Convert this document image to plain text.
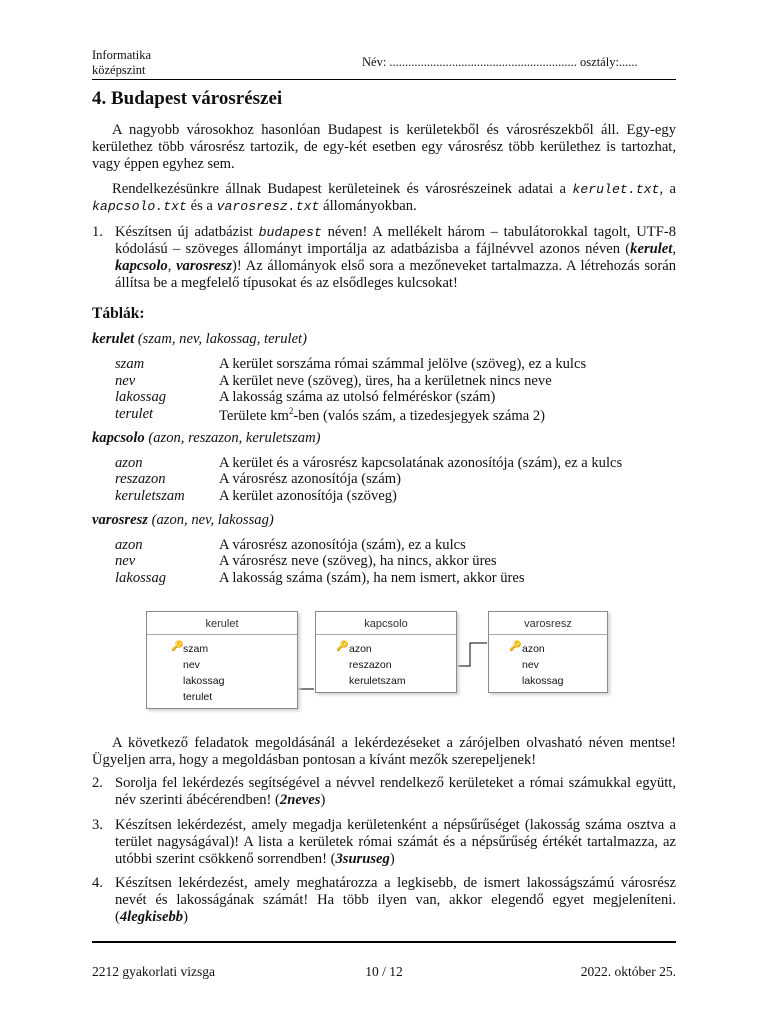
Informatika
középszint
Név: ............................................................ osztály:......
4. Budapest városrészei
A nagyobb városokhoz hasonlóan Budapest is kerületekből és városrészekből áll. Egy-egy kerülethez több városrész tartozik, de egy-két esetben egy városrész több kerülethez is tartozhat, vagy éppen egyhez sem.
Rendelkezésünkre állnak Budapest kerületeinek és városrészeinek adatai a kerulet.txt, a kapcsolo.txt és a varosresz.txt állományokban.
1. Készítsen új adatbázist budapest néven! A mellékelt három – tabulátorokkal tagolt, UTF-8 kódolású – szöveges állományt importálja az adatbázisba a fájlnévvel azonos néven (kerulet, kapcsolo, varosresz)! Az állományok első sora a mezőneveket tartalmazza. A létrehozás során állítsa be a megfelelő típusokat és az elsődleges kulcsokat!
Táblák:
kerulet (szam, nev, lakossag, terulet)
szam	A kerület sorszáma római számmal jelölve (szöveg), ez a kulcs
nev	A kerület neve (szöveg), üres, ha a kerületnek nincs neve
lakossag	A lakosság száma az utolsó felméréskor (szám)
terulet	Területe $km^2$-ben (valós szám, a tizedesjegyek száma 2)
kapcsolo (azon, reszazon, keruletszam)
azon	A kerület és a városrész kapcsolatának azonosítója (szám), ez a kulcs
reszazon	A városrész azonosítója (szám)
keruletszam A kerület azonosítója (szöveg)
varosresz (azon, nev, lakossag)
azon	A városrész azonosítója (szám), ez a kulcs
nev	A városrész neve (szöveg), ha nincs, akkor üres
lakossag	A lakosság száma (szám), ha nem ismert, akkor üres
kerulet
🔑 szam
nev
lakossag
terulet
kapcsolo
🔑 azon
reszazon
keruletszam
varosresz
🔑 azon
nev
lakossag
A következő feladatok megoldásánál a lekérdezéseket a zárójelben olvasható néven mentse! Ügyeljen arra, hogy a megoldásban pontosan a kívánt mezők szerepeljenek!
2. Sorolja fel lekérdezés segítségével a névvel rendelkező kerületeket a római számukkal együtt, név szerinti ábécérendben! (2neves)
3. Készítsen lekérdezést, amely megadja kerületenként a népsűrűséget (lakosság száma osztva a terület nagyságával)! A lista a kerületek római számát és a népsűrűség értékét tartalmazza, az utóbbi szerint csökkenő sorrendben! (3suruseg)
4. Készítsen lekérdezést, amely meghatározza a legkisebb, de ismert lakosságszámú városrész nevét és lakosságának számát! Ha több ilyen van, akkor elegendő egyet megjeleníteni. (4legkisebb)
2212 gyakorlati vizsga	10 / 12	2022. október 25.
